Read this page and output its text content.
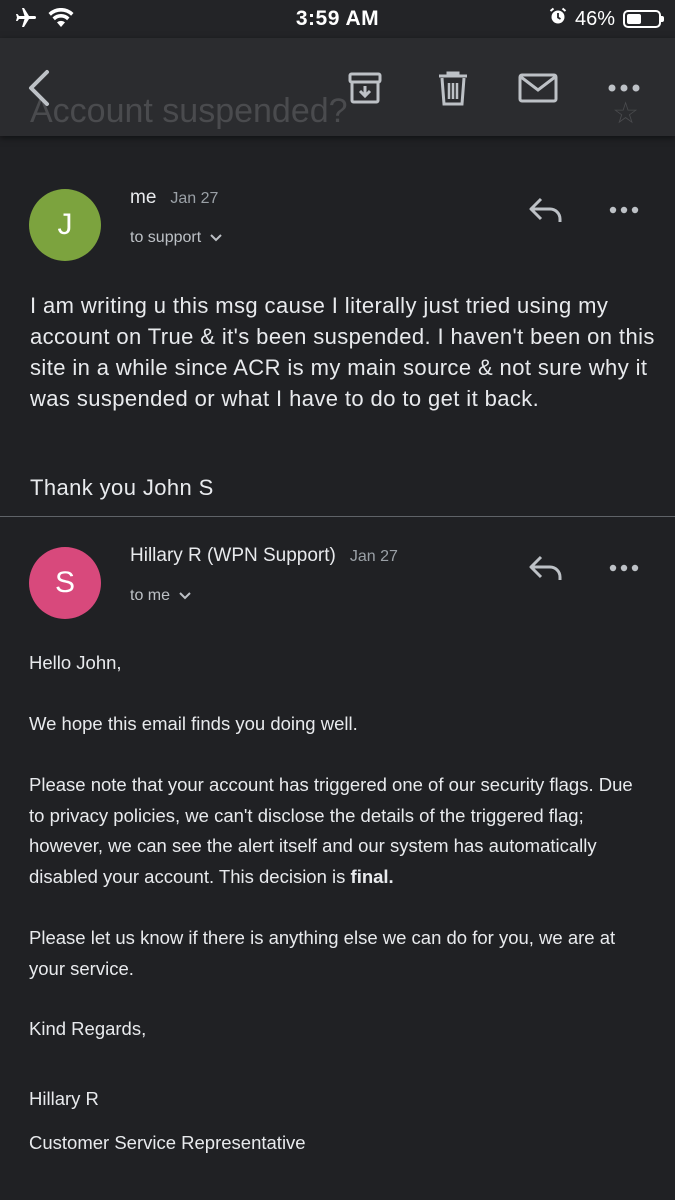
3:59 AM	46%
Account suspended?	☆
J
me Jan 27
to support
I am writing u this msg cause I literally just tried using my account on True & it's been suspended. I haven't been on this site in a while since ACR is my main source & not sure why it was suspended or what I have to do to get it back.
Thank you John S
S
Hillary R (WPN Support) Jan 27
to me
Hello John,
We hope this email finds you doing well.
Please note that your account has triggered one of our security flags. Due to privacy policies, we can't disclose the details of the triggered flag; however, we can see the alert itself and our system has automatically disabled your account. This decision is final.
Please let us know if there is anything else we can do for you, we are at your service.
Kind Regards,
Hillary R
Customer Service Representative
